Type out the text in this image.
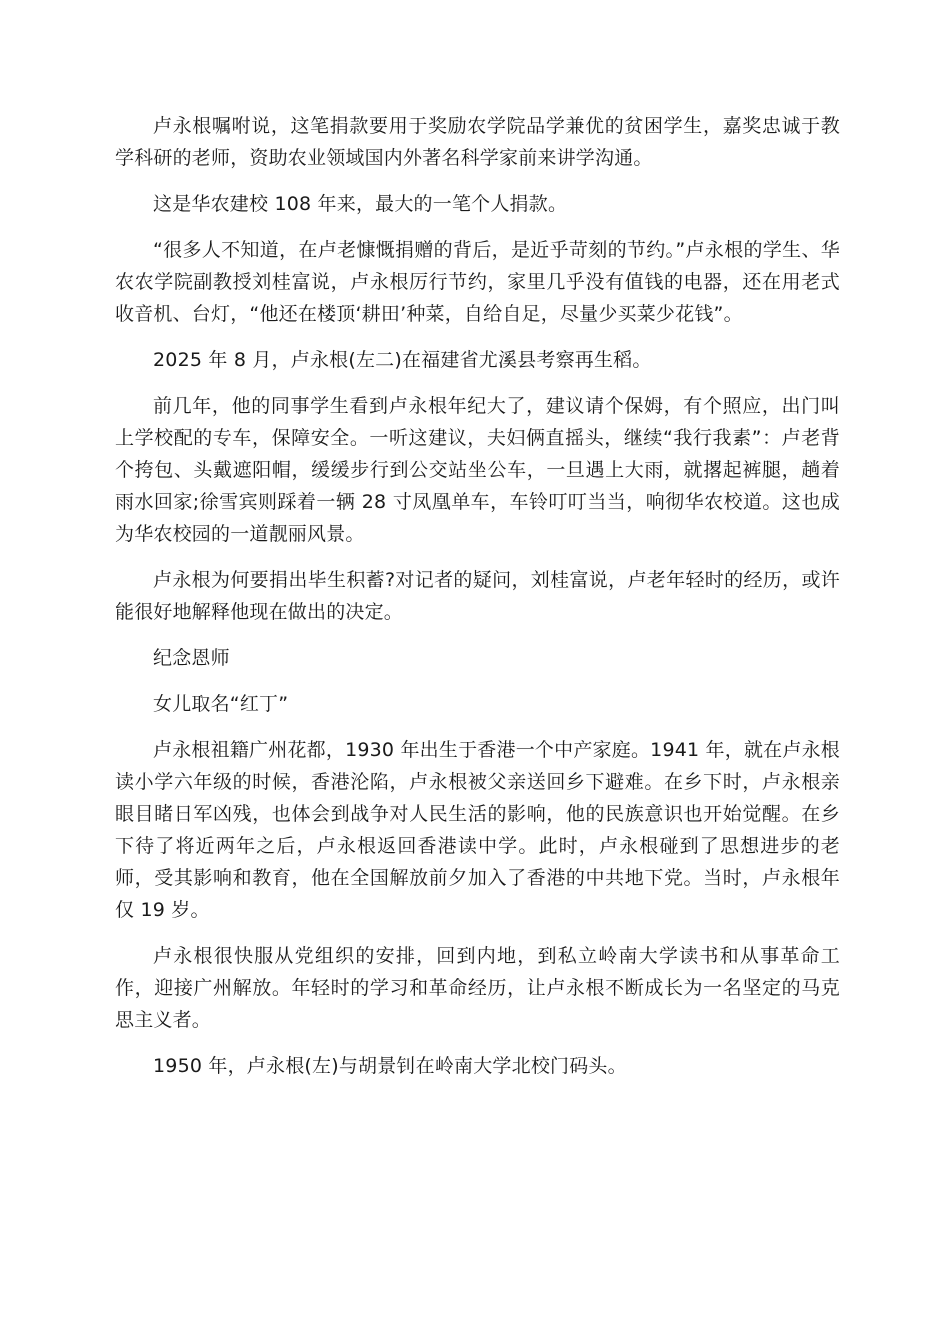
卢永根嘱咐说，这笔捐款要用于奖励农学院品学兼优的贫困学生，嘉奖忠诚于教学科研的老师，资助农业领域国内外著名科学家前来讲学沟通。

这是华农建校 108 年来，最大的一笔个人捐款。

“很多人不知道，在卢老慷慨捐赠的背后，是近乎苛刻的节约。”卢永根的学生、华农农学院副教授刘桂富说，卢永根厉行节约，家里几乎没有值钱的电器，还在用老式收音机、台灯，“他还在楼顶‘耕田’种菜，自给自足，尽量少买菜少花钱”。

2025 年 8 月，卢永根(左二)在福建省尤溪县考察再生稻。

前几年，他的同事学生看到卢永根年纪大了，建议请个保姆，有个照应，出门叫上学校配的专车，保障安全。一听这建议，夫妇俩直摇头，继续“我行我素”：卢老背个挎包、头戴遮阳帽，缓缓步行到公交站坐公车，一旦遇上大雨，就撂起裤腿，趟着雨水回家;徐雪宾则踩着一辆 28 寸凤凰单车，车铃叮叮当当，响彻华农校道。这也成为华农校园的一道靓丽风景。

卢永根为何要捐出毕生积蓄?对记者的疑问，刘桂富说，卢老年轻时的经历，或许能很好地解释他现在做出的决定。

纪念恩师

女儿取名“红丁”

卢永根祖籍广州花都，1930 年出生于香港一个中产家庭。1941 年，就在卢永根读小学六年级的时候，香港沦陷，卢永根被父亲送回乡下避难。在乡下时，卢永根亲眼目睹日军凶残，也体会到战争对人民生活的影响，他的民族意识也开始觉醒。在乡下待了将近两年之后，卢永根返回香港读中学。此时，卢永根碰到了思想进步的老师，受其影响和教育，他在全国解放前夕加入了香港的中共地下党。当时，卢永根年仅 19 岁。

卢永根很快服从党组织的安排，回到内地，到私立岭南大学读书和从事革命工作，迎接广州解放。年轻时的学习和革命经历，让卢永根不断成长为一名坚定的马克思主义者。

1950 年，卢永根(左)与胡景钊在岭南大学北校门码头。
